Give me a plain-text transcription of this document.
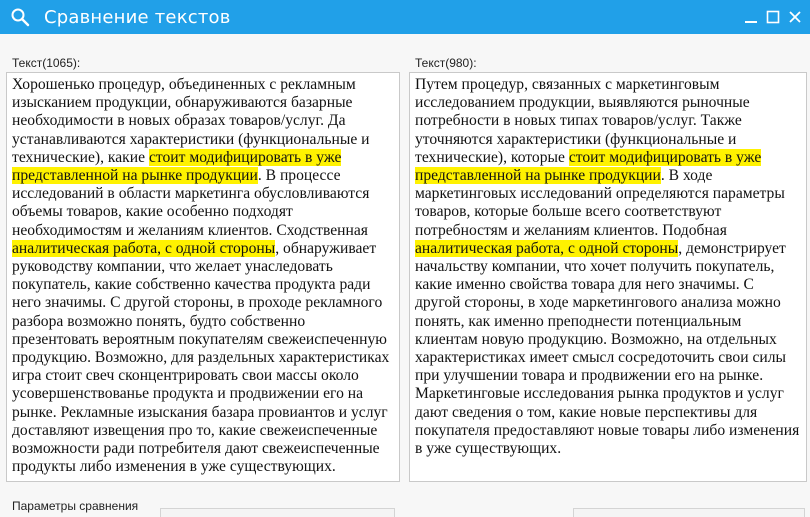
Сравнение текстов
Текст(1065):
Хорошенько процедур, объединенных с рекламным изысканием продукции, обнаруживаются базарные необходимости в новых образах товаров/услуг. Да устанавливаются характеристики (функциональные и технические), какие стоит модифицировать в уже представленной на рынке продукции. В процессе исследований в области маркетинга обусловливаются объемы товаров, какие особенно подходят необходимостям и желаниям клиентов. Сходственная аналитическая работа, с одной стороны, обнаруживает руководству компании, что желает унаследовать покупатель, какие собственно качества продукта ради него значимы. С другой стороны, в проходе рекламного разбора возможно понять, будто собственно презентовать вероятным покупателям свежеиспеченную продукцию. Возможно, для раздельных характеристиках игра стоит свеч сконцентрировать свои массы около усовершенствованье продукта и продвижении его на рынке. Рекламные изыскания базара провиантов и услуг доставляют извещения про то, какие свежеиспеченные возможности ради потребителя дают свежеиспеченные продукты либо изменения в уже существующих.
Текст(980):
Путем процедур, связанных с маркетинговым исследованием продукции, выявляются рыночные потребности в новых типах товаров/услуг. Также уточняются характеристики (функциональные и технические), которые стоит модифицировать в уже представленной на рынке продукции. В ходе маркетинговых исследований определяются параметры товаров, которые больше всего соответствуют потребностям и желаниям клиентов. Подобная аналитическая работа, с одной стороны, демонстрирует начальству компании, что хочет получить покупатель, какие именно свойства товара для него значимы. С другой стороны, в ходе маркетингового анализа можно понять, как именно преподнести потенциальным клиентам новую продукцию. Возможно, на отдельных характеристиках имеет смысл сосредоточить свои силы при улучшении товара и продвижении его на рынке. Маркетинговые исследования рынка продуктов и услуг дают сведения о том, какие новые перспективы для покупателя предоставляют новые товары либо изменения в уже существующих.
Параметры сравнения
